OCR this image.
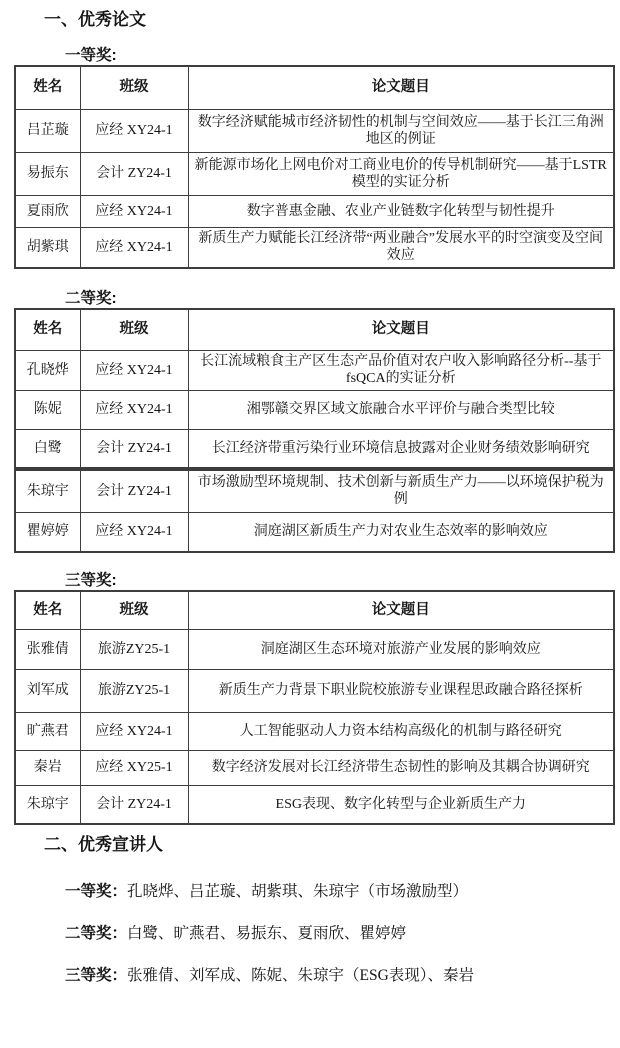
一、优秀论文
一等奖:
姓名	班级	论文题目
吕芷璇	应经 XY24-1	数字经济赋能城市经济韧性的机制与空间效应——基于长江三角洲地区的例证
易振东	会计 ZY24-1	新能源市场化上网电价对工商业电价的传导机制研究——基于LSTR模型的实证分析
夏雨欣	应经 XY24-1	数字普惠金融、农业产业链数字化转型与韧性提升
胡紫琪	应经 XY24-1	新质生产力赋能长江经济带“两业融合”发展水平的时空演变及空间效应
二等奖:
姓名	班级	论文题目
孔晓烨	应经 XY24-1	长江流域粮食主产区生态产品价值对农户收入影响路径分析--基于fsQCA的实证分析
陈妮	应经 XY24-1	湘鄂赣交界区域文旅融合水平评价与融合类型比较
白鹭	会计 ZY24-1	长江经济带重污染行业环境信息披露对企业财务绩效影响研究
朱琼宇	会计 ZY24-1	市场激励型环境规制、技术创新与新质生产力——以环境保护税为例
瞿婷婷	应经 XY24-1	洞庭湖区新质生产力对农业生态效率的影响效应
三等奖:
姓名	班级	论文题目
张雅倩	旅游ZY25-1	洞庭湖区生态环境对旅游产业发展的影响效应
刘军成	旅游ZY25-1	新质生产力背景下职业院校旅游专业课程思政融合路径探析
旷燕君	应经 XY24-1	人工智能驱动人力资本结构高级化的机制与路径研究
秦岩	应经 XY25-1	数字经济发展对长江经济带生态韧性的影响及其耦合协调研究
朱琼宇	会计 ZY24-1	ESG表现、数字化转型与企业新质生产力
二、优秀宣讲人
一等奖：孔晓烨、吕芷璇、胡紫琪、朱琼宇（市场激励型）
二等奖：白鹭、旷燕君、易振东、夏雨欣、瞿婷婷
三等奖：张雅倩、刘军成、陈妮、朱琼宇（ESG表现）、秦岩
